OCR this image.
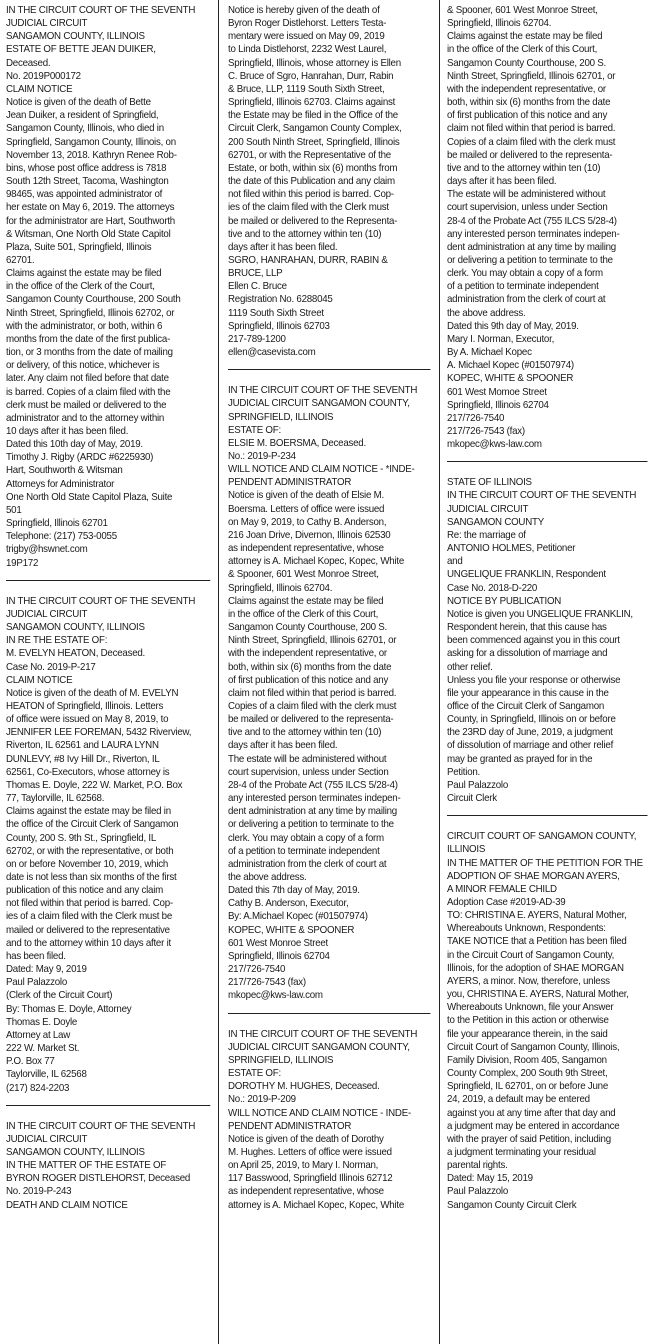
IN THE CIRCUIT COURT OF THE SEVENTH
JUDICIAL CIRCUIT
SANGAMON COUNTY, ILLINOIS
ESTATE OF BETTE JEAN DUIKER,
Deceased.
No. 2019P000172
CLAIM NOTICE
Notice is given of the death of Bette
Jean Duiker, a resident of Springfield,
Sangamon County, Illinois, who died in
Springfield, Sangamon County, Illinois, on
November 13, 2018. Kathryn Renee Rob-
bins, whose post office address is 7818
South 12th Street, Tacoma, Washington
98465, was appointed administrator of
her estate on May 6, 2019. The attorneys
for the administrator are Hart, Southworth
& Witsman, One North Old State Capitol
Plaza, Suite 501, Springfield, Illinois
62701.
Claims against the estate may be filed
in the office of the Clerk of the Court,
Sangamon County Courthouse, 200 South
Ninth Street, Springfield, Illinois 62702, or
with the administrator, or both, within 6
months from the date of the first publica-
tion, or 3 months from the date of mailing
or delivery, of this notice, whichever is
later. Any claim not filed before that date
is barred. Copies of a claim filed with the
clerk must be mailed or delivered to the
administrator and to the attorney within
10 days after it has been filed.
Dated this 10th day of May, 2019.
Timothy J. Rigby (ARDC #6225930)
Hart, Southworth & Witsman
Attorneys for Administrator
One North Old State Capitol Plaza, Suite
501
Springfield, Illinois 62701
Telephone: (217) 753-0055
trigby@hswnet.com
19P172
IN THE CIRCUIT COURT OF THE SEVENTH
JUDICIAL CIRCUIT
SANGAMON COUNTY, ILLINOIS
IN RE THE ESTATE OF:
M. EVELYN HEATON, Deceased.
Case No. 2019-P-217
CLAIM NOTICE
Notice is given of the death of M. EVELYN
HEATON of Springfield, Illinois. Letters
of office were issued on May 8, 2019, to
JENNIFER LEE FOREMAN, 5432 Riverview,
Riverton, IL 62561 and LAURA LYNN
DUNLEVY, #8 Ivy Hill Dr., Riverton, IL
62561, Co-Executors, whose attorney is
Thomas E. Doyle, 222 W. Market, P.O. Box
77, Taylorville, IL 62568.
Claims against the estate may be filed in
the office of the Circuit Clerk of Sangamon
County, 200 S. 9th St., Springfield, IL
62702, or with the representative, or both
on or before November 10, 2019, which
date is not less than six months of the first
publication of this notice and any claim
not filed within that period is barred. Cop-
ies of a claim filed with the Clerk must be
mailed or delivered to the representative
and to the attorney within 10 days after it
has been filed.
Dated: May 9, 2019
Paul Palazzolo
(Clerk of the Circuit Court)
By: Thomas E. Doyle, Attorney
Thomas E. Doyle
Attorney at Law
222 W. Market St.
P.O. Box 77
Taylorville, IL 62568
(217) 824-2203
IN THE CIRCUIT COURT OF THE SEVENTH
JUDICIAL CIRCUIT
SANGAMON COUNTY, ILLINOIS
IN THE MATTER OF THE ESTATE OF
BYRON ROGER DISTLEHORST, Deceased
No. 2019-P-243
DEATH AND CLAIM NOTICE
Notice is hereby given of the death of
Byron Roger Distlehorst. Letters Testa-
mentary were issued on May 09, 2019
to Linda Distlehorst, 2232 West Laurel,
Springfield, Illinois, whose attorney is Ellen
C. Bruce of Sgro, Hanrahan, Durr, Rabin
& Bruce, LLP, 1119 South Sixth Street,
Springfield, Illinois 62703. Claims against
the Estate may be filed in the Office of the
Circuit Clerk, Sangamon County Complex,
200 South Ninth Street, Springfield, Illinois
62701, or with the Representative of the
Estate, or both, within six (6) months from
the date of this Publication and any claim
not filed within this period is barred. Cop-
ies of the claim filed with the Clerk must
be mailed or delivered to the Representa-
tive and to the attorney within ten (10)
days after it has been filed.
SGRO, HANRAHAN, DURR, RABIN &
BRUCE, LLP
Ellen C. Bruce
Registration No. 6288045
1119 South Sixth Street
Springfield, Illinois 62703
217-789-1200
ellen@casevista.com
IN THE CIRCUIT COURT OF THE SEVENTH
JUDICIAL CIRCUIT SANGAMON COUNTY,
SPRINGFIELD, ILLINOIS
ESTATE OF:
ELSIE M. BOERSMA, Deceased.
No.: 2019-P-234
WILL NOTICE AND CLAIM NOTICE - *INDE-
PENDENT ADMINISTRATOR
Notice is given of the death of Elsie M.
Boersma. Letters of office were issued
on May 9, 2019, to Cathy B. Anderson,
216 Joan Drive, Divernon, Illinois 62530
as independent representative, whose
attorney is A. Michael Kopec, Kopec, White
& Spooner, 601 West Monroe Street,
Springfield, Illinois 62704.
Claims against the estate may be filed
in the office of the Clerk of this Court,
Sangamon County Courthouse, 200 S.
Ninth Street, Springfield, Illinois 62701, or
with the independent representative, or
both, within six (6) months from the date
of first publication of this notice and any
claim not filed within that period is barred.
Copies of a claim filed with the clerk must
be mailed or delivered to the representa-
tive and to the attorney within ten (10)
days after it has been filed.
The estate will be administered without
court supervision, unless under Section
28-4 of the Probate Act (755 ILCS 5/28-4)
any interested person terminates indepen-
dent administration at any time by mailing
or delivering a petition to terminate to the
clerk. You may obtain a copy of a form
of a petition to terminate independent
administration from the clerk of court at
the above address.
Dated this 7th day of May, 2019.
Cathy B. Anderson, Executor,
By: A.Michael Kopec (#01507974)
KOPEC, WHITE & SPOONER
601 West Monroe Street
Springfield, Illinois 62704
217/726-7540
217/726-7543 (fax)
mkopec@kws-law.com
IN THE CIRCUIT COURT OF THE SEVENTH
JUDICIAL CIRCUIT SANGAMON COUNTY,
SPRINGFIELD, ILLINOIS
ESTATE OF:
DOROTHY M. HUGHES, Deceased.
No.: 2019-P-209
WILL NOTICE AND CLAIM NOTICE - INDE-
PENDENT ADMINISTRATOR
Notice is given of the death of Dorothy
M. Hughes. Letters of office were issued
on April 25, 2019, to Mary I. Norman,
117 Basswood, Springfield Illinois 62712
as independent representative, whose
attorney is A. Michael Kopec, Kopec, White
& Spooner, 601 West Monroe Street,
Springfield, Illinois 62704.
Claims against the estate may be filed
in the office of the Clerk of this Court,
Sangamon County Courthouse, 200 S.
Ninth Street, Springfield, Illinois 62701, or
with the independent representative, or
both, within six (6) months from the date
of first publication of this notice and any
claim not filed within that period is barred.
Copies of a claim filed with the clerk must
be mailed or delivered to the representa-
tive and to the attorney within ten (10)
days after it has been filed.
The estate will be administered without
court supervision, unless under Section
28-4 of the Probate Act (755 ILCS 5/28-4)
any interested person terminates indepen-
dent administration at any time by mailing
or delivering a petition to terminate to the
clerk. You may obtain a copy of a form
of a petition to terminate independent
administration from the clerk of court at
the above address.
Dated this 9th day of May, 2019.
Mary I. Norman, Executor,
By A. Michael Kopec
A. Michael Kopec (#01507974)
KOPEC, WHITE & SPOONER
601 West Momoe Street
Springfield, Illinois 62704
217/726-7540
217/726-7543 (fax)
mkopec@kws-law.com
STATE OF ILLINOIS
IN THE CIRCUIT COURT OF THE SEVENTH
JUDICIAL CIRCUIT
SANGAMON COUNTY
Re: the marriage of
ANTONIO HOLMES, Petitioner
and
UNGELIQUE FRANKLIN, Respondent
Case No. 2018-D-220
NOTICE BY PUBLICATION
Notice is given you UNGELIQUE FRANKLIN,
Respondent herein, that this cause has
been commenced against you in this court
asking for a dissolution of marriage and
other relief.
Unless you file your response or otherwise
file your appearance in this cause in the
office of the Circuit Clerk of Sangamon
County, in Springfield, Illinois on or before
the 23RD day of June, 2019, a judgment
of dissolution of marriage and other relief
may be granted as prayed for in the
Petition.
Paul Palazzolo
Circuit Clerk
CIRCUIT COURT OF SANGAMON COUNTY,
ILLINOIS
IN THE MATTER OF THE PETITION FOR THE
ADOPTION OF SHAE MORGAN AYERS,
A MINOR FEMALE CHILD
Adoption Case #2019-AD-39
TO: CHRISTINA E. AYERS, Natural Mother,
Whereabouts Unknown, Respondents:
TAKE NOTICE that a Petition has been filed
in the Circuit Court of Sangamon County,
Illinois, for the adoption of SHAE MORGAN
AYERS, a minor. Now, therefore, unless
you, CHRISTINA E. AYERS, Natural Mother,
Whereabouts Unknown, file your Answer
to the Petition in this action or otherwise
file your appearance therein, in the said
Circuit Court of Sangamon County, Illinois,
Family Division, Room 405, Sangamon
County Complex, 200 South 9th Street,
Springfield, IL 62701, on or before June
24, 2019, a default may be entered
against you at any time after that day and
a judgment may be entered in accordance
with the prayer of said Petition, including
a judgment terminating your residual
parental rights.
Dated: May 15, 2019
Paul Palazzolo
Sangamon County Circuit Clerk
